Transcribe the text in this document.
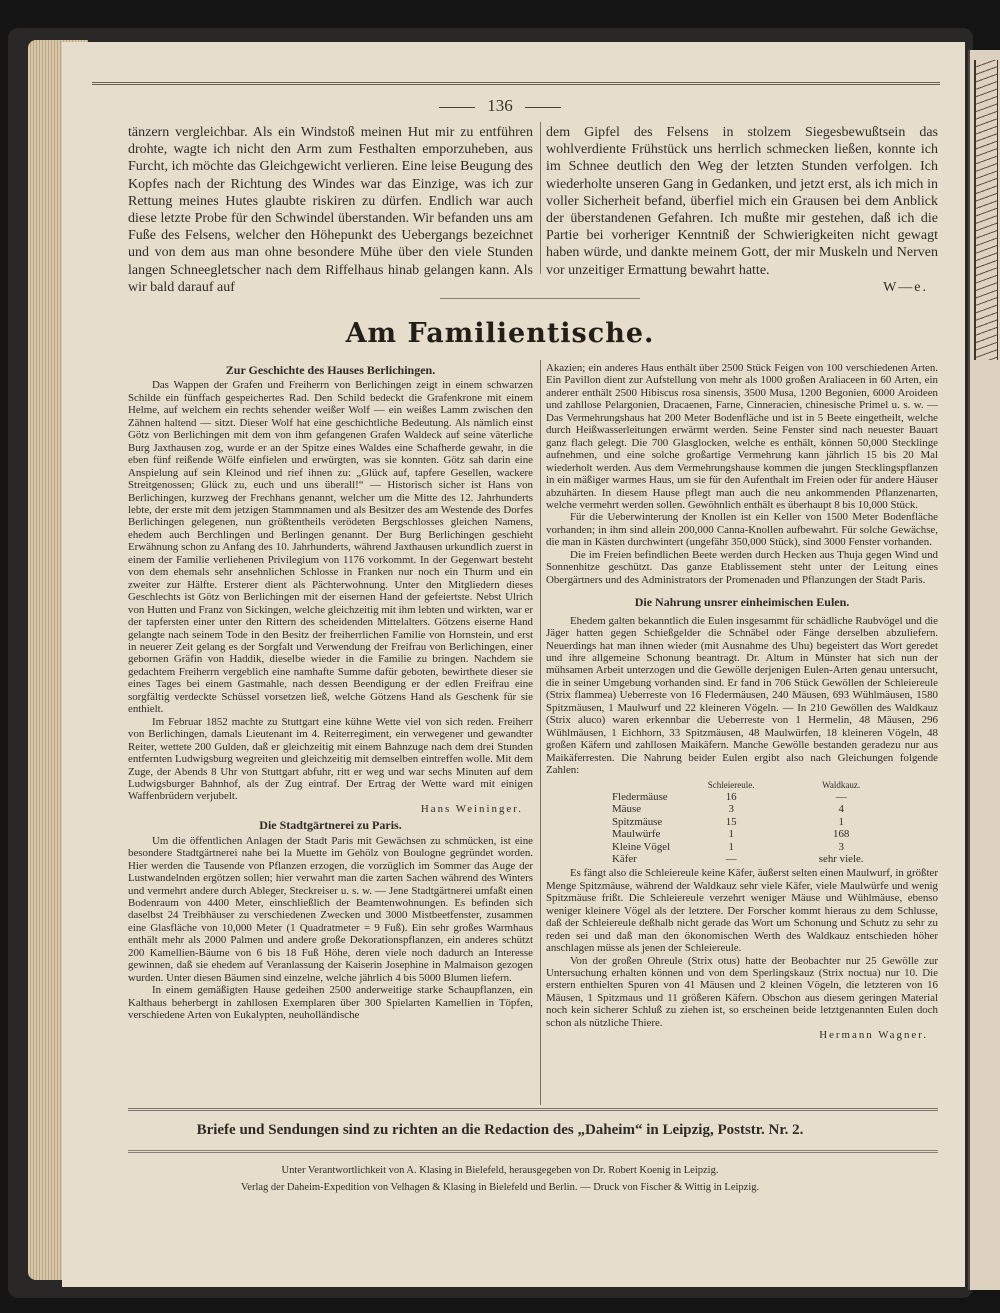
136

tänzern vergleichbar. Als ein Windstoß meinen Hut mir zu entführen drohte, wagte ich nicht den Arm zum Festhalten emporzuheben, aus Furcht, ich möchte das Gleichgewicht verlieren. Eine leise Beugung des Kopfes nach der Richtung des Windes war das Einzige, was ich zur Rettung meines Hutes glaubte riskiren zu dürfen. Endlich war auch diese letzte Probe für den Schwindel überstanden. Wir befanden uns am Fuße des Felsens, welcher den Höhepunkt des Uebergangs bezeichnet und von dem aus man ohne besondere Mühe über den viele Stunden langen Schneegletscher nach dem Riffelhaus hinab gelangen kann. Als wir bald darauf auf

dem Gipfel des Felsens in stolzem Siegesbewußtsein das wohlverdiente Frühstück uns herrlich schmecken ließen, konnte ich im Schnee deutlich den Weg der letzten Stunden verfolgen. Ich wiederholte unseren Gang in Gedanken, und jetzt erst, als ich mich in voller Sicherheit befand, überfiel mich ein Grausen bei dem Anblick der überstandenen Gefahren. Ich mußte mir gestehen, daß ich die Partie bei vorheriger Kenntniß der Schwierigkeiten nicht gewagt haben würde, und dankte meinem Gott, der mir Muskeln und Nerven vor unzeitiger Ermattung bewahrt hatte.

W—e.

Am Familientische.
Zur Geschichte des Hauses Berlichingen.

Das Wappen der Grafen und Freiherrn von Berlichingen zeigt in einem schwarzen Schilde ein fünffach gespeichertes Rad. Den Schild bedeckt die Grafenkrone mit einem Helme, auf welchem ein rechts sehender weißer Wolf — ein weißes Lamm zwischen den Zähnen haltend — sitzt. Dieser Wolf hat eine geschichtliche Bedeutung. Als nämlich einst Götz von Berlichingen mit dem von ihm gefangenen Grafen Waldeck auf seine väterliche Burg Jaxthausen zog, wurde er an der Spitze eines Waldes eine Schafherde gewahr, in die eben fünf reißende Wölfe einfielen und erwürgten, was sie konnten. Götz sah darin eine Anspielung auf sein Kleinod und rief ihnen zu: „Glück auf, tapfere Gesellen, wackere Streitgenossen; Glück zu, euch und uns überall!“ — Historisch sicher ist Hans von Berlichingen, kurzweg der Frechhans genannt, welcher um die Mitte des 12. Jahrhunderts lebte, der erste mit dem jetzigen Stammnamen und als Besitzer des am Westende des Dorfes Berlichingen gelegenen, nun größtentheils verödeten Bergschlosses gleichen Namens, ehedem auch Berchlingen und Berlingen genannt. Der Burg Berlichingen geschieht Erwähnung schon zu Anfang des 10. Jahrhunderts, während Jaxthausen urkundlich zuerst in einem der Familie verliehenen Privilegium von 1176 vorkommt. In der Gegenwart besteht von dem ehemals sehr ansehnlichen Schlosse in Franken nur noch ein Thurm und ein zweiter zur Hälfte. Ersterer dient als Pächterwohnung. Unter den Mitgliedern dieses Geschlechts ist Götz von Berlichingen mit der eisernen Hand der gefeiertste. Nebst Ulrich von Hutten und Franz von Sickingen, welche gleichzeitig mit ihm lebten und wirkten, war er der tapfersten einer unter den Rittern des scheidenden Mittelalters. Götzens eiserne Hand gelangte nach seinem Tode in den Besitz der freiherrlichen Familie von Hornstein, und erst in neuerer Zeit gelang es der Sorgfalt und Verwendung der Freifrau von Berlichingen, einer gebornen Gräfin von Haddik, dieselbe wieder in die Familie zu bringen. Nachdem sie gedachtem Freiherrn vergeblich eine namhafte Summe dafür geboten, bewirthete dieser sie eines Tages bei einem Gastmahle, nach dessen Beendigung er der edlen Freifrau eine sorgfältig verdeckte Schüssel vorsetzen ließ, welche Götzens Hand als Geschenk für sie enthielt.

Im Februar 1852 machte zu Stuttgart eine kühne Wette viel von sich reden. Freiherr von Berlichingen, damals Lieutenant im 4. Reiterregiment, ein verwegener und gewandter Reiter, wettete 200 Gulden, daß er gleichzeitig mit einem Bahnzuge nach dem drei Stunden entfernten Ludwigsburg wegreiten und gleichzeitig mit demselben eintreffen wolle. Mit dem Zuge, der Abends 8 Uhr von Stuttgart abfuhr, ritt er weg und war sechs Minuten auf dem Ludwigsburger Bahnhof, als der Zug eintraf. Der Ertrag der Wette ward mit einigen Waffenbrüdern verjubelt.

Hans Weininger.

Die Stadtgärtnerei zu Paris.

Um die öffentlichen Anlagen der Stadt Paris mit Gewächsen zu schmücken, ist eine besondere Stadtgärtnerei nahe bei la Muette im Gehölz von Boulogne gegründet worden. Hier werden die Tausende von Pflanzen erzogen, die vorzüglich im Sommer das Auge der Lustwandelnden ergötzen sollen; hier verwahrt man die zarten Sachen während des Winters und vermehrt andere durch Ableger, Steckreiser u. s. w. — Jene Stadtgärtnerei umfaßt einen Bodenraum von 4400 Meter, einschließlich der Beamtenwohnungen. Es befinden sich daselbst 24 Treibhäuser zu verschiedenen Zwecken und 3000 Mistbeetfenster, zusammen eine Glasfläche von 10,000 Meter (1 Quadratmeter = 9 Fuß). Ein sehr großes Warmhaus enthält mehr als 2000 Palmen und andere große Dekorationspflanzen, ein anderes schützt 200 Kamellien-Bäume von 6 bis 18 Fuß Höhe, deren viele noch dadurch an Interesse gewinnen, daß sie ehedem auf Veranlassung der Kaiserin Josephine in Malmaison gezogen wurden. Unter diesen Bäumen sind einzelne, welche jährlich 4 bis 5000 Blumen liefern.

In einem gemäßigten Hause gedeihen 2500 anderweitige starke Schaupflanzen, ein Kalthaus beherbergt in zahllosen Exemplaren über 300 Spielarten Kamellien in Töpfen, verschiedene Arten von Eukalypten, neuholländische

Akazien; ein anderes Haus enthält über 2500 Stück Feigen von 100 verschiedenen Arten. Ein Pavillon dient zur Aufstellung von mehr als 1000 großen Araliaceen in 60 Arten, ein anderer enthält 2500 Hibiscus rosa sinensis, 3500 Musa, 1200 Begonien, 6000 Aroideen und zahllose Pelargonien, Dracaenen, Farne, Cinneracien, chinesische Primel u. s. w. — Das Vermehrungshaus hat 200 Meter Bodenfläche und ist in 5 Beete eingetheilt, welche durch Heißwasserleitungen erwärmt werden. Seine Fenster sind nach neuester Bauart ganz flach gelegt. Die 700 Glasglocken, welche es enthält, können 50,000 Stecklinge aufnehmen, und eine solche großartige Vermehrung kann jährlich 15 bis 20 Mal wiederholt werden. Aus dem Vermehrungshause kommen die jungen Stecklingspflanzen in ein mäßiger warmes Haus, um sie für den Aufenthalt im Freien oder für andere Häuser abzuhärten. In diesem Hause pflegt man auch die neu ankommenden Pflanzenarten, welche vermehrt werden sollen. Gewöhnlich enthält es überhaupt 8 bis 10,000 Stück.

Für die Ueberwinterung der Knollen ist ein Keller von 1500 Meter Bodenfläche vorhanden; in ihm sind allein 200,000 Canna-Knollen aufbewahrt. Für solche Gewächse, die man in Kästen durchwintert (ungefähr 350,000 Stück), sind 3000 Fenster vorhanden.

Die im Freien befindlichen Beete werden durch Hecken aus Thuja gegen Wind und Sonnenhitze geschützt. Das ganze Etablissement steht unter der Leitung eines Obergärtners und des Administrators der Promenaden und Pflanzungen der Stadt Paris.

Die Nahrung unsrer einheimischen Eulen.

Ehedem galten bekanntlich die Eulen insgesammt für schädliche Raubvögel und die Jäger hatten gegen Schießgelder die Schnäbel oder Fänge derselben abzuliefern. Neuerdings hat man ihnen wieder (mit Ausnahme des Uhu) begeistert das Wort geredet und ihre allgemeine Schonung beantragt. Dr. Altum in Münster hat sich nun der mühsamen Arbeit unterzogen und die Gewölle derjenigen Eulen-Arten genau untersucht, die in seiner Umgebung vorhanden sind. Er fand in 706 Stück Gewöllen der Schleiereule (Strix flammea) Ueberreste von 16 Fledermäusen, 240 Mäusen, 693 Wühlmäusen, 1580 Spitzmäusen, 1 Maulwurf und 22 kleineren Vögeln. — In 210 Gewöllen des Waldkauz (Strix aluco) waren erkennbar die Ueberreste von 1 Hermelin, 48 Mäusen, 296 Wühlmäusen, 1 Eichhorn, 33 Spitzmäusen, 48 Maulwürfen, 18 kleineren Vögeln, 48 großen Käfern und zahllosen Maikäfern. Manche Gewölle bestanden geradezu nur aus Maikäferresten. Die Nahrung beider Eulen ergibt also nach Gleichungen folgende Zahlen:

	Schleiereule.	Waldkauz.
Fledermäuse	16	—
Mäuse	3	4
Spitzmäuse	15	1
Maulwürfe	1	168
Kleine Vögel	1	3
Käfer	—	sehr viele.

Es fängt also die Schleiereule keine Käfer, äußerst selten einen Maulwurf, in größter Menge Spitzmäuse, während der Waldkauz sehr viele Käfer, viele Maulwürfe und wenig Spitzmäuse frißt. Die Schleiereule verzehrt weniger Mäuse und Wühlmäuse, ebenso weniger kleinere Vögel als der letztere. Der Forscher kommt hieraus zu dem Schlusse, daß der Schleiereule deßhalb nicht gerade das Wort um Schonung und Schutz zu sehr zu reden sei und daß man den ökonomischen Werth des Waldkauz entschieden höher anschlagen müsse als jenen der Schleiereule.

Von der großen Ohreule (Strix otus) hatte der Beobachter nur 25 Gewölle zur Untersuchung erhalten können und von dem Sperlingskauz (Strix noctua) nur 10. Die erstern enthielten Spuren von 41 Mäusen und 2 kleinen Vögeln, die letzteren von 16 Mäusen, 1 Spitzmaus und 11 größeren Käfern. Obschon aus diesem geringen Material noch kein sicherer Schluß zu ziehen ist, so erscheinen beide letztgenannten Eulen doch schon als nützliche Thiere.

Hermann Wagner.

Briefe und Sendungen sind zu richten an die Redaction des „Daheim“ in Leipzig, Poststr. Nr. 2.
Unter Verantwortlichkeit von A. Klasing in Bielefeld, herausgegeben von Dr. Robert Koenig in Leipzig.
Verlag der Daheim-Expedition von Velhagen & Klasing in Bielefeld und Berlin. — Druck von Fischer & Wittig in Leipzig.
